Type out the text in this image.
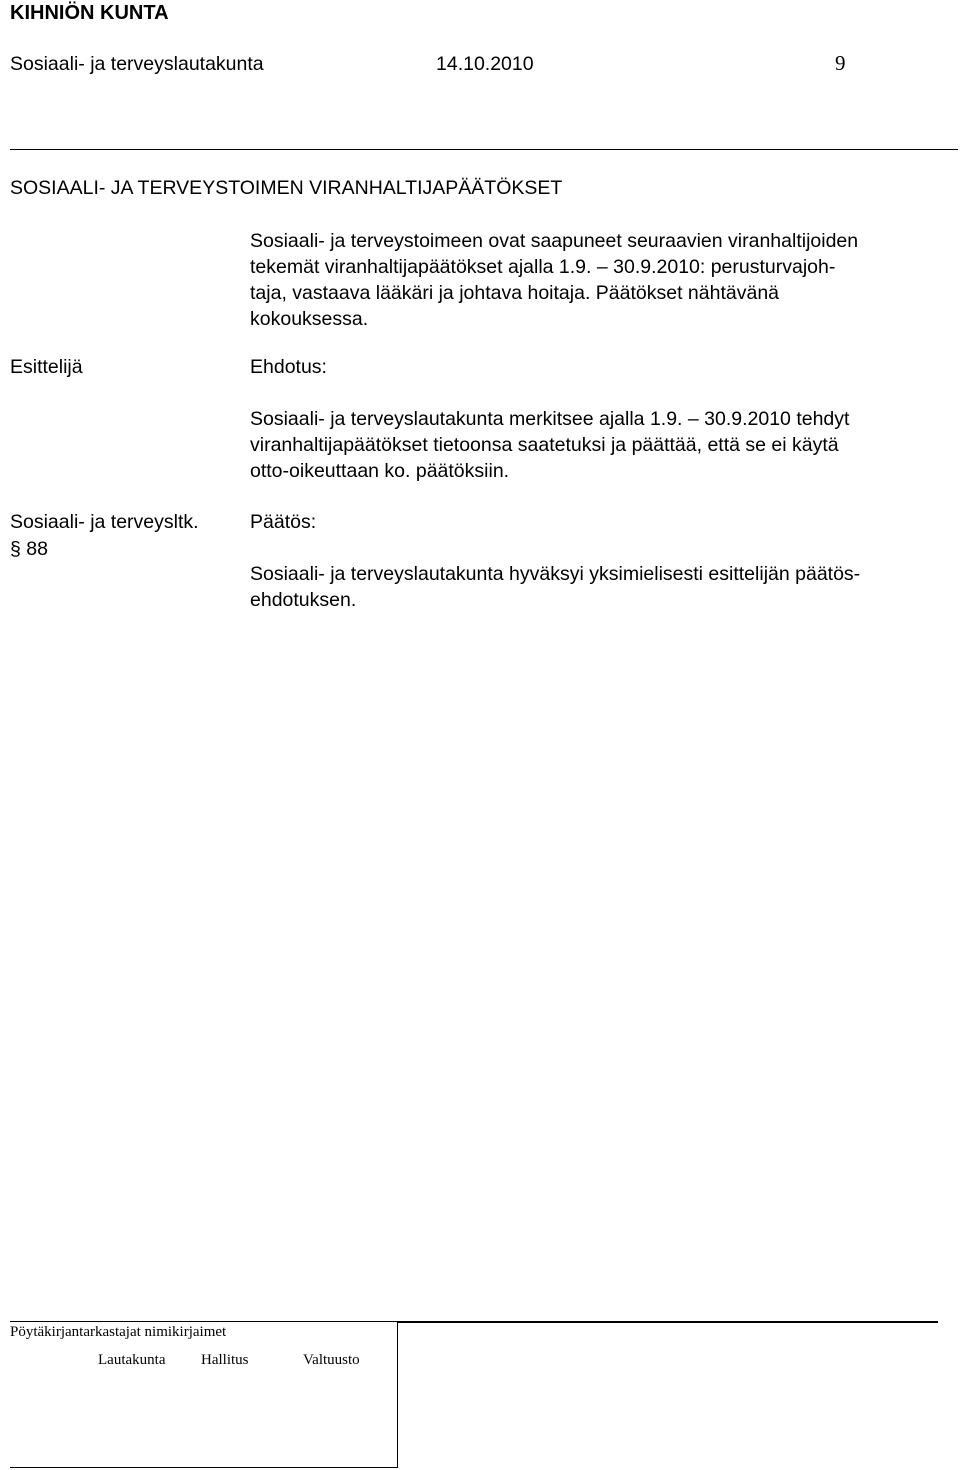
KIHNIÖN KUNTA
Sosiaali- ja terveyslautakunta	14.10.2010	9
SOSIAALI- JA TERVEYSTOIMEN VIRANHALTIJAPÄÄTÖKSET

Sosiaali- ja terveystoimeen ovat saapuneet seuraavien viranhaltijoiden

tekemät viranhaltijapäätökset ajalla 1.9. – 30.9.2010: perusturvajoh-

taja, vastaava lääkäri ja johtava hoitaja. Päätökset nähtävänä

kokouksessa.

Esittelijä	Ehdotus:

Sosiaali- ja terveyslautakunta merkitsee ajalla 1.9. – 30.9.2010 tehdyt

viranhaltijapäätökset tietoonsa saatetuksi ja päättää, että se ei käytä

otto-oikeuttaan ko. päätöksiin.

Sosiaali- ja terveysltk.
§ 88
Päätös:

Sosiaali- ja terveyslautakunta hyväksyi yksimielisesti esittelijän päätös-

ehdotuksen.

Pöytäkirjantarkastajat nimikirjaimet
Lautakunta Hallitus	Valtuusto
